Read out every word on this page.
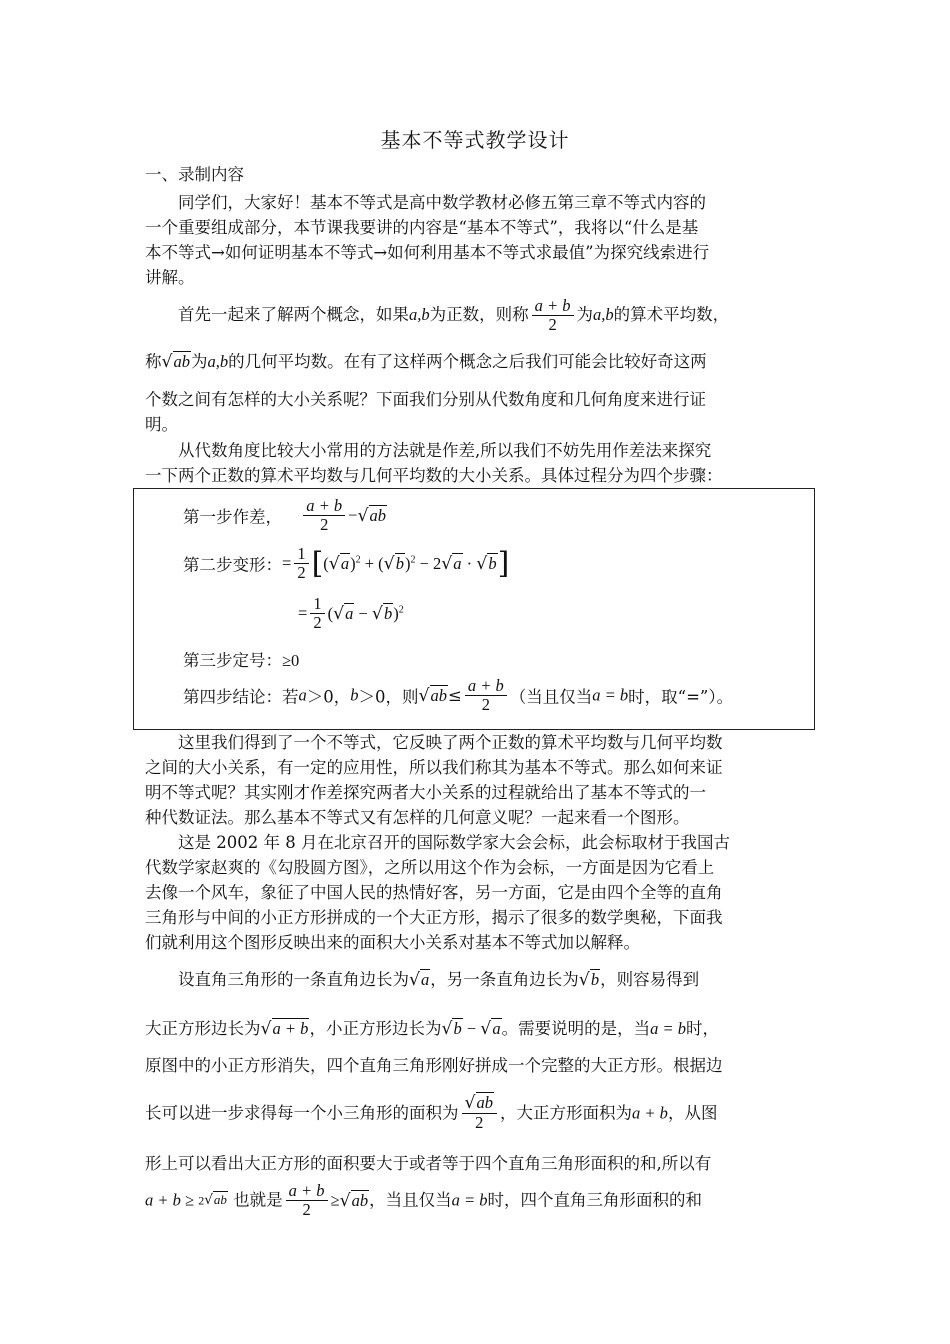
基本不等式教学设计
一、录制内容
同学们，大家好！基本不等式是高中数学教材必修五第三章不等式内容的
一个重要组成部分，本节课我要讲的内容是“基本不等式”，我将以“什么是基
本不等式→如何证明基本不等式→如何利用基本不等式求最值”为探究线索进行
讲解。
首先一起来了解两个概念，如果a,b为正数，则称 $\frac{a + b}{2}$ 为a,b的算术平均数，
称√ab为a,b的几何平均数。在有了这样两个概念之后我们可能会比较好奇这两
个数之间有怎样的大小关系呢？下面我们分别从代数角度和几何角度来进行证
明。
从代数角度比较大小常用的方法就是作差,所以我们不妨先用作差法来探究
一下两个正数的算术平均数与几何平均数的大小关系。具体过程分为四个步骤：
第一步作差， $\frac{a + b}{2} -√ab$
第二步变形：= $\frac{1}{2} [(√a)^2 + (√b)^2 - 2√a \cdot √b]$
= $\frac{1}{2} (√a - √b)^2$
第三步定号：≥0
第四步结论：若a＞0，b＞0，则$√ab\le \frac{a + b}{2}$ （当且仅当a = b时，取“=”）。
这里我们得到了一个不等式，它反映了两个正数的算术平均数与几何平均数
之间的大小关系，有一定的应用性，所以我们称其为基本不等式。那么如何来证
明不等式呢？其实刚才作差探究两者大小关系的过程就给出了基本不等式的一
种代数证法。那么基本不等式又有怎样的几何意义呢？一起来看一个图形。
这是 2002 年 8 月在北京召开的国际数学家大会会标，此会标取材于我国古
代数学家赵爽的《勾股圆方图》，之所以用这个作为会标，一方面是因为它看上
去像一个风车，象征了中国人民的热情好客，另一方面，它是由四个全等的直角
三角形与中间的小正方形拼成的一个大正方形，揭示了很多的数学奥秘，下面我
们就利用这个图形反映出来的面积大小关系对基本不等式加以解释。
设直角三角形的一条直角边长为√a，另一条直角边长为√b，则容易得到
大正方形边长为√a + b，小正方形边长为√b − √a。需要说明的是，当a = b时，
原图中的小正方形消失，四个直角三角形刚好拼成一个完整的大正方形。根据边
长可以进一步求得每一个小三角形的面积为 $\frac{√ab}{2}$ ，大正方形面积为a + b，从图
形上可以看出大正方形的面积要大于或者等于四个直角三角形面积的和,所以有
a + b ≥ 2√ab 也就是 $\frac{a + b}{2} \ge√ab$，当且仅当a = b时，四个直角三角形面积的和
